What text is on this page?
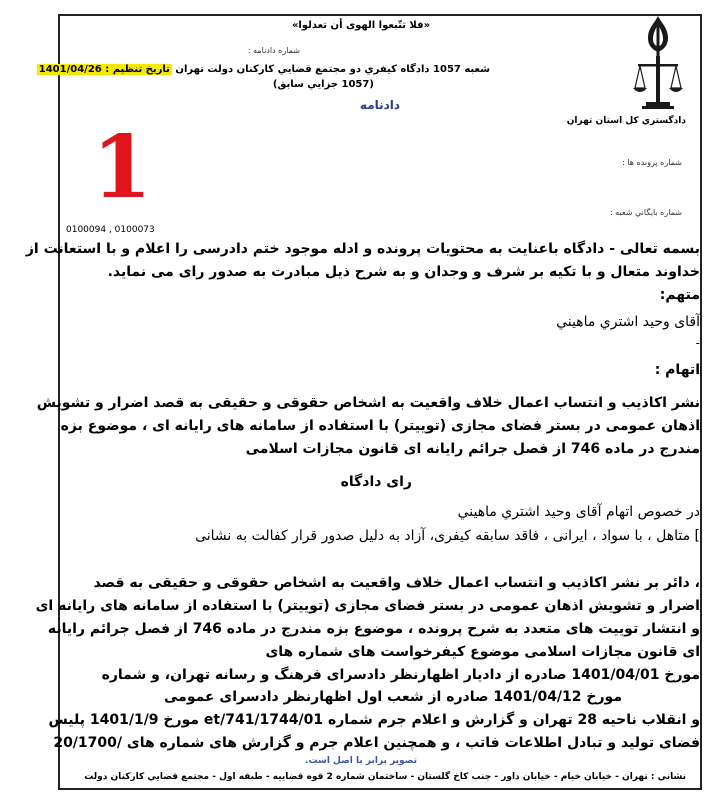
«فلا تتّبعوا الهوى أن تعدلوا»
دادگستري كل استان تهران
شماره دادنامه :
شعبه 1057 دادگاه كيفري دو مجتمع قضايي كاركنان دولت تهران تاريخ تنظيم : 1401/04/26
(1057 جزايي سابق)
دادنامه
شماره پرونده ها :
1	شماره بايگاني شعبه :
0100094 , 0100073
بسمه تعالی - دادگاه باعنایت به محتویات پرونده و ادله موجود ختم دادرسی را اعلام و با استعانت از
خداوند متعال و با تکیه بر شرف و وجدان و به شرح ذیل مبادرت به صدور رای می نماید.
متهم:
آقای وحید اشتري ماهيني
-
اتهام :
نشر اکاذیب و انتساب اعمال خلاف واقعیت به اشخاص حقوقی و حقیقی به قصد اضرار و تشویش
اذهان عمومی در بستر فضای مجازی (توییتر) با استفاده از سامانه های رایانه ای ، موضوع بزه
مندرج در ماده 746 از فصل جرائم رایانه ای قانون مجازات اسلامی
رای دادگاه
در خصوص اتهام آقای وحید اشتري ماهيني
] متاهل ، با سواد ، ایرانی ، فاقد سابقه کیفری، آزاد به دلیل صدور قرار کفالت به نشانی
، دائر بر نشر اکاذیب و انتساب اعمال خلاف واقعیت به اشخاص حقوقی و حقیقی به قصد
اضرار و تشویش اذهان عمومی در بستر فضای مجازی (توییتر) با استفاده از سامانه های رایانه ای
و انتشار توییت های متعدد به شرح پرونده ، موضوع بزه مندرج در ماده 746 از فصل جرائم رایانه
ای قانون مجازات اسلامی موضوع کیفرخواست های شماره های
مورخ 1401/04/01 صادره از دادیار اظهارنظر دادسرای فرهنگ و رسانه تهران، و شماره
مورخ 1401/04/12 صادره از شعب اول اظهارنظر دادسرای عمومی
و انقلاب ناحیه 28 تهران و گزارش و اعلام جرم شماره et/741/1744/01 مورخ 1401/1/9 پلیس
فضای تولید و تبادل اطلاعات فاتب ، و همچنین اعلام جرم و گزارش های شماره های /20/1700
تصوير برابر با اصل است.
نشاني : تهران - خيابان خيام - خيابان داور - جنب كاخ گلستان - ساختمان شماره 2 قوه قضاييه - طبقه اول - مجتمع قضايي كاركنان دولت
